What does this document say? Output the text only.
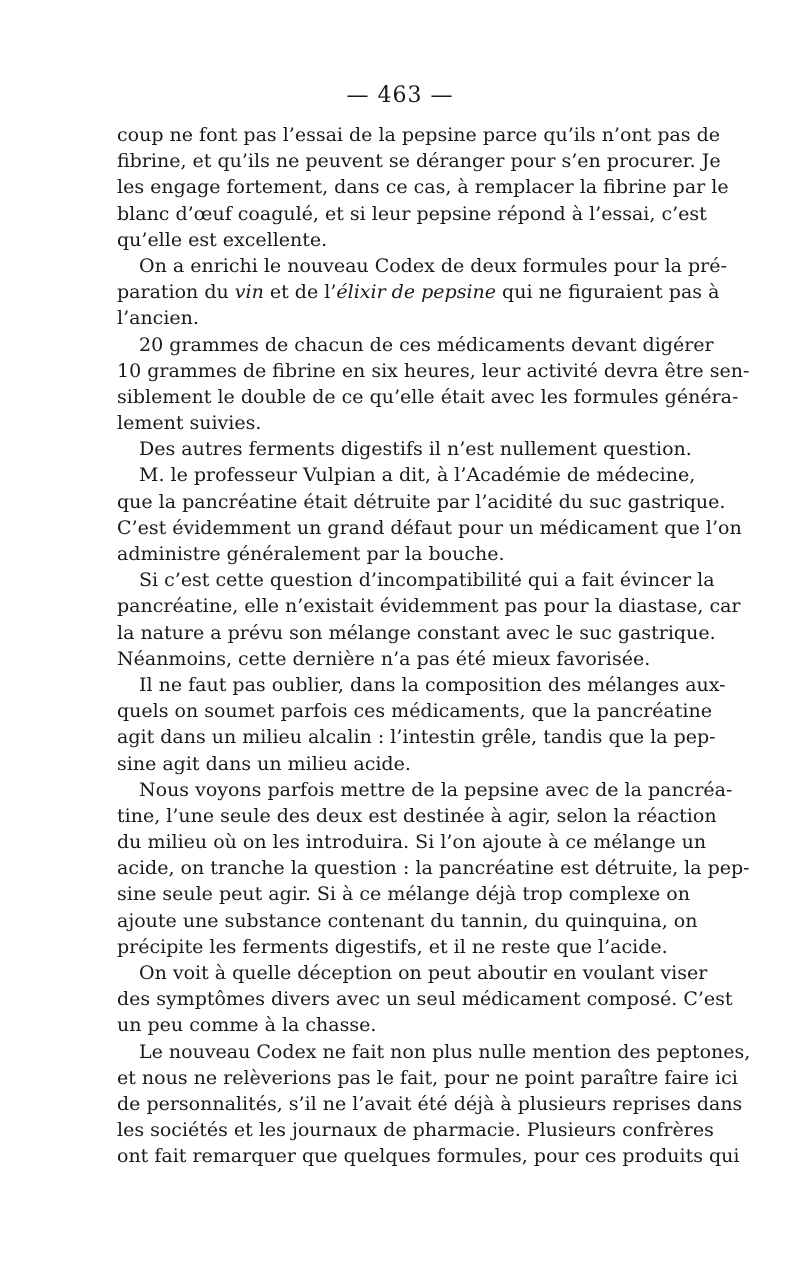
— 463 —
coup ne font pas l’essai de la pepsine parce qu’ils n’ont pas de
fibrine, et qu’ils ne peuvent se déranger pour s’en procurer. Je
les engage fortement, dans ce cas, à remplacer la fibrine par le
blanc d’œuf coagulé, et si leur pepsine répond à l’essai, c’est
qu’elle est excellente.
On a enrichi le nouveau Codex de deux formules pour la pré-
paration du vin et de l’élixir de pepsine qui ne figuraient pas à
l’ancien.
20 grammes de chacun de ces médicaments devant digérer
10 grammes de fibrine en six heures, leur activité devra être sen-
siblement le double de ce qu’elle était avec les formules généra-
lement suivies.
Des autres ferments digestifs il n’est nullement question.
M. le professeur Vulpian a dit, à l’Académie de médecine,
que la pancréatine était détruite par l’acidité du suc gastrique.
C’est évidemment un grand défaut pour un médicament que l’on
administre généralement par la bouche.
Si c’est cette question d’incompatibilité qui a fait évincer la
pancréatine, elle n’existait évidemment pas pour la diastase, car
la nature a prévu son mélange constant avec le suc gastrique.
Néanmoins, cette dernière n’a pas été mieux favorisée.
Il ne faut pas oublier, dans la composition des mélanges aux-
quels on soumet parfois ces médicaments, que la pancréatine
agit dans un milieu alcalin : l’intestin grêle, tandis que la pep-
sine agit dans un milieu acide.
Nous voyons parfois mettre de la pepsine avec de la pancréa-
tine, l’une seule des deux est destinée à agir, selon la réaction
du milieu où on les introduira. Si l’on ajoute à ce mélange un
acide, on tranche la question : la pancréatine est détruite, la pep-
sine seule peut agir. Si à ce mélange déjà trop complexe on
ajoute une substance contenant du tannin, du quinquina, on
précipite les ferments digestifs, et il ne reste que l’acide.
On voit à quelle déception on peut aboutir en voulant viser
des symptômes divers avec un seul médicament composé. C’est
un peu comme à la chasse.
Le nouveau Codex ne fait non plus nulle mention des peptones,
et nous ne relèverions pas le fait, pour ne point paraître faire ici
de personnalités, s’il ne l’avait été déjà à plusieurs reprises dans
les sociétés et les journaux de pharmacie. Plusieurs confrères
ont fait remarquer que quelques formules, pour ces produits qui
